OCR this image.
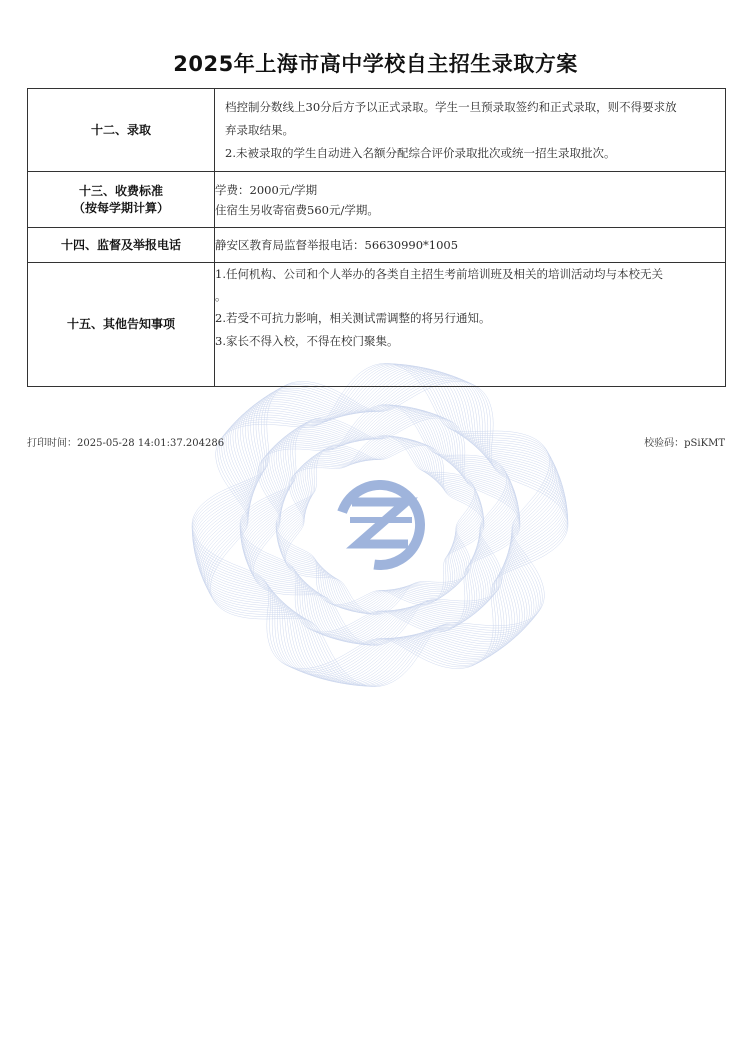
2025年上海市高中学校自主招生录取方案
十二、录取	档控制分数线上30分后方予以正式录取。学生一旦预录取签约和正式录取，则不得要求放
弃录取结果。
2.未被录取的学生自动进入名额分配综合评价录取批次或统一招生录取批次。

十三、收费标准
（按每学期计算）	学费：2000元/学期
住宿生另收寄宿费560元/学期。

十四、监督及举报电话	静安区教育局监督举报电话：56630990*1005

十五、其他告知事项	1.任何机构、公司和个人举办的各类自主招生考前培训班及相关的培训活动均与本校无关
。
2.若受不可抗力影响，相关测试需调整的将另行通知。
3.家长不得入校，不得在校门聚集。
打印时间：2025-05-28 14:01:37.204286	校验码：pSiKMT
